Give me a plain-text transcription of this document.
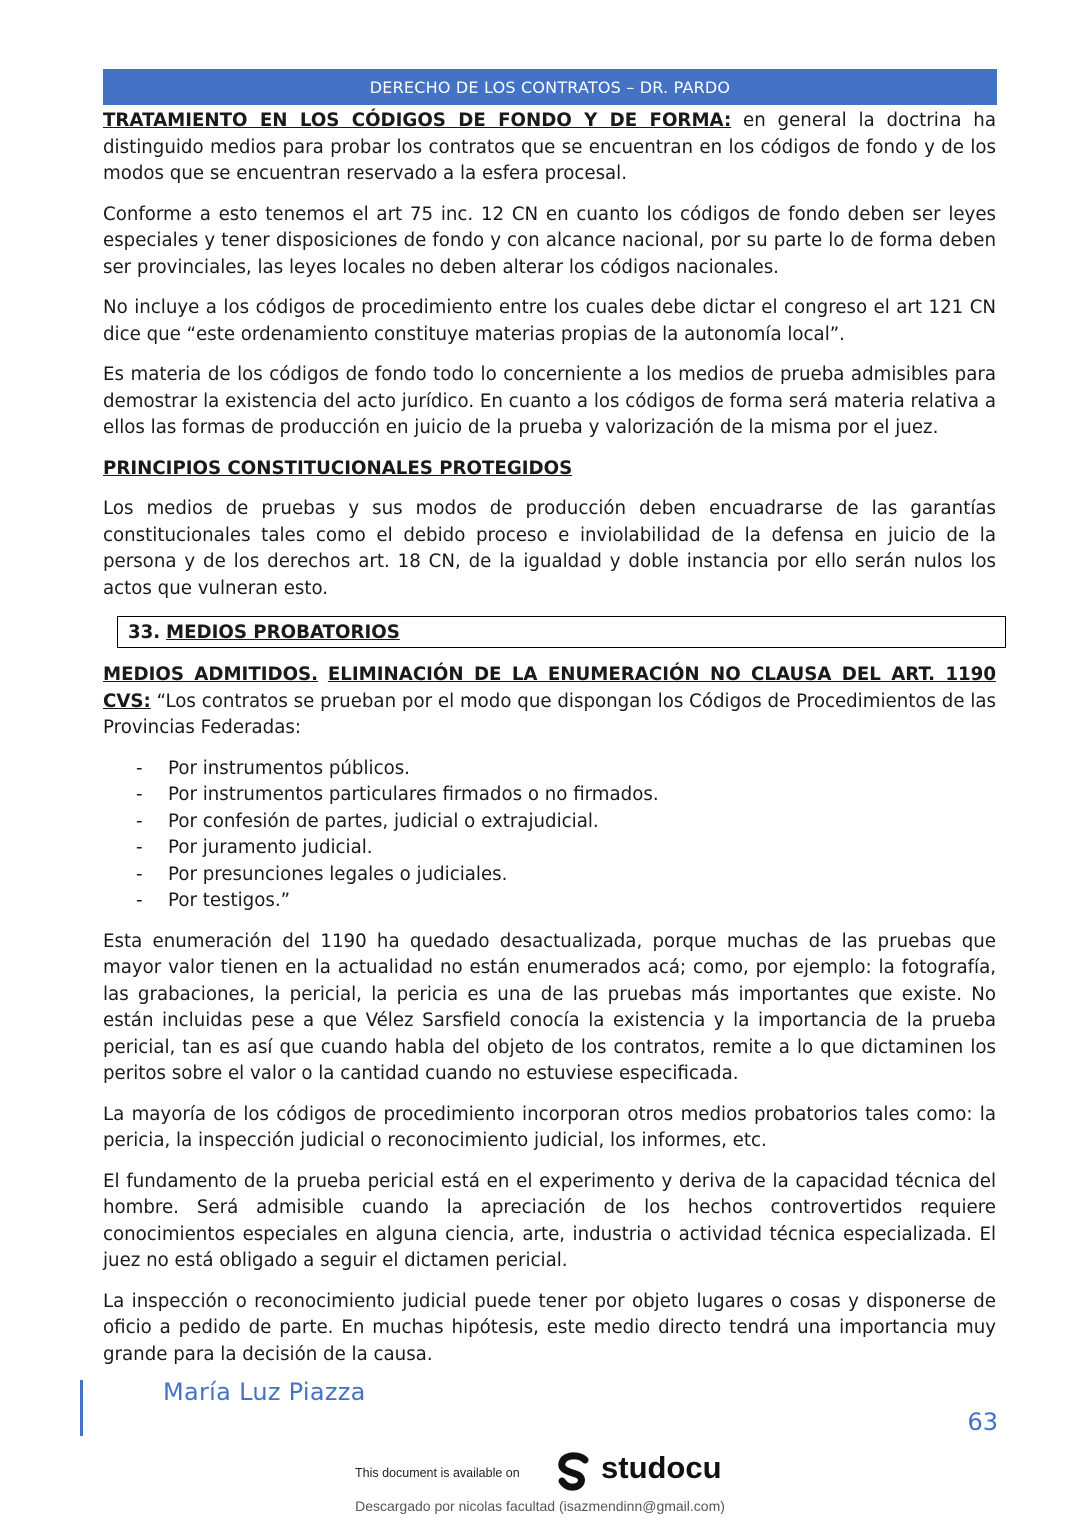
DERECHO DE LOS CONTRATOS – DR. PARDO

TRATAMIENTO EN LOS CÓDIGOS DE FONDO Y DE FORMA: en general la doctrina ha distinguido medios para probar los contratos que se encuentran en los códigos de fondo y de los modos que se encuentran reservado a la esfera procesal.

Conforme a esto tenemos el art 75 inc. 12 CN en cuanto los códigos de fondo deben ser leyes especiales y tener disposiciones de fondo y con alcance nacional, por su parte lo de forma deben ser provinciales, las leyes locales no deben alterar los códigos nacionales.

No incluye a los códigos de procedimiento entre los cuales debe dictar el congreso el art 121 CN dice que “este ordenamiento constituye materias propias de la autonomía local”.

Es materia de los códigos de fondo todo lo concerniente a los medios de prueba admisibles para demostrar la existencia del acto jurídico. En cuanto a los códigos de forma será materia relativa a ellos las formas de producción en juicio de la prueba y valorización de la misma por el juez.

PRINCIPIOS CONSTITUCIONALES PROTEGIDOS

Los medios de pruebas y sus modos de producción deben encuadrarse de las garantías constitucionales tales como el debido proceso e inviolabilidad de la defensa en juicio de la persona y de los derechos art. 18 CN, de la igualdad y doble instancia por ello serán nulos los actos que vulneran esto.

33. MEDIOS PROBATORIOS

MEDIOS ADMITIDOS. ELIMINACIÓN DE LA ENUMERACIÓN NO CLAUSA DEL ART. 1190 CVS: “Los contratos se prueban por el modo que dispongan los Códigos de Procedimientos de las Provincias Federadas:

- Por instrumentos públicos.
- Por instrumentos particulares firmados o no firmados.
- Por confesión de partes, judicial o extrajudicial.
- Por juramento judicial.
- Por presunciones legales o judiciales.
- Por testigos.”

Esta enumeración del 1190 ha quedado desactualizada, porque muchas de las pruebas que mayor valor tienen en la actualidad no están enumerados acá; como, por ejemplo: la fotografía, las grabaciones, la pericial, la pericia es una de las pruebas más importantes que existe. No están incluidas pese a que Vélez Sarsfield conocía la existencia y la importancia de la prueba pericial, tan es así que cuando habla del objeto de los contratos, remite a lo que dictaminen los peritos sobre el valor o la cantidad cuando no estuviese especificada.

La mayoría de los códigos de procedimiento incorporan otros medios probatorios tales como: la pericia, la inspección judicial o reconocimiento judicial, los informes, etc.

El fundamento de la prueba pericial está en el experimento y deriva de la capacidad técnica del hombre. Será admisible cuando la apreciación de los hechos controvertidos requiere conocimientos especiales en alguna ciencia, arte, industria o actividad técnica especializada. El juez no está obligado a seguir el dictamen pericial.

La inspección o reconocimiento judicial puede tener por objeto lugares o cosas y disponerse de oficio a pedido de parte. En muchas hipótesis, este medio directo tendrá una importancia muy grande para la decisión de la causa.

María Luz Piazza
63
This document is available on	studocu
Descargado por nicolas facultad (isazmendinn@gmail.com)
